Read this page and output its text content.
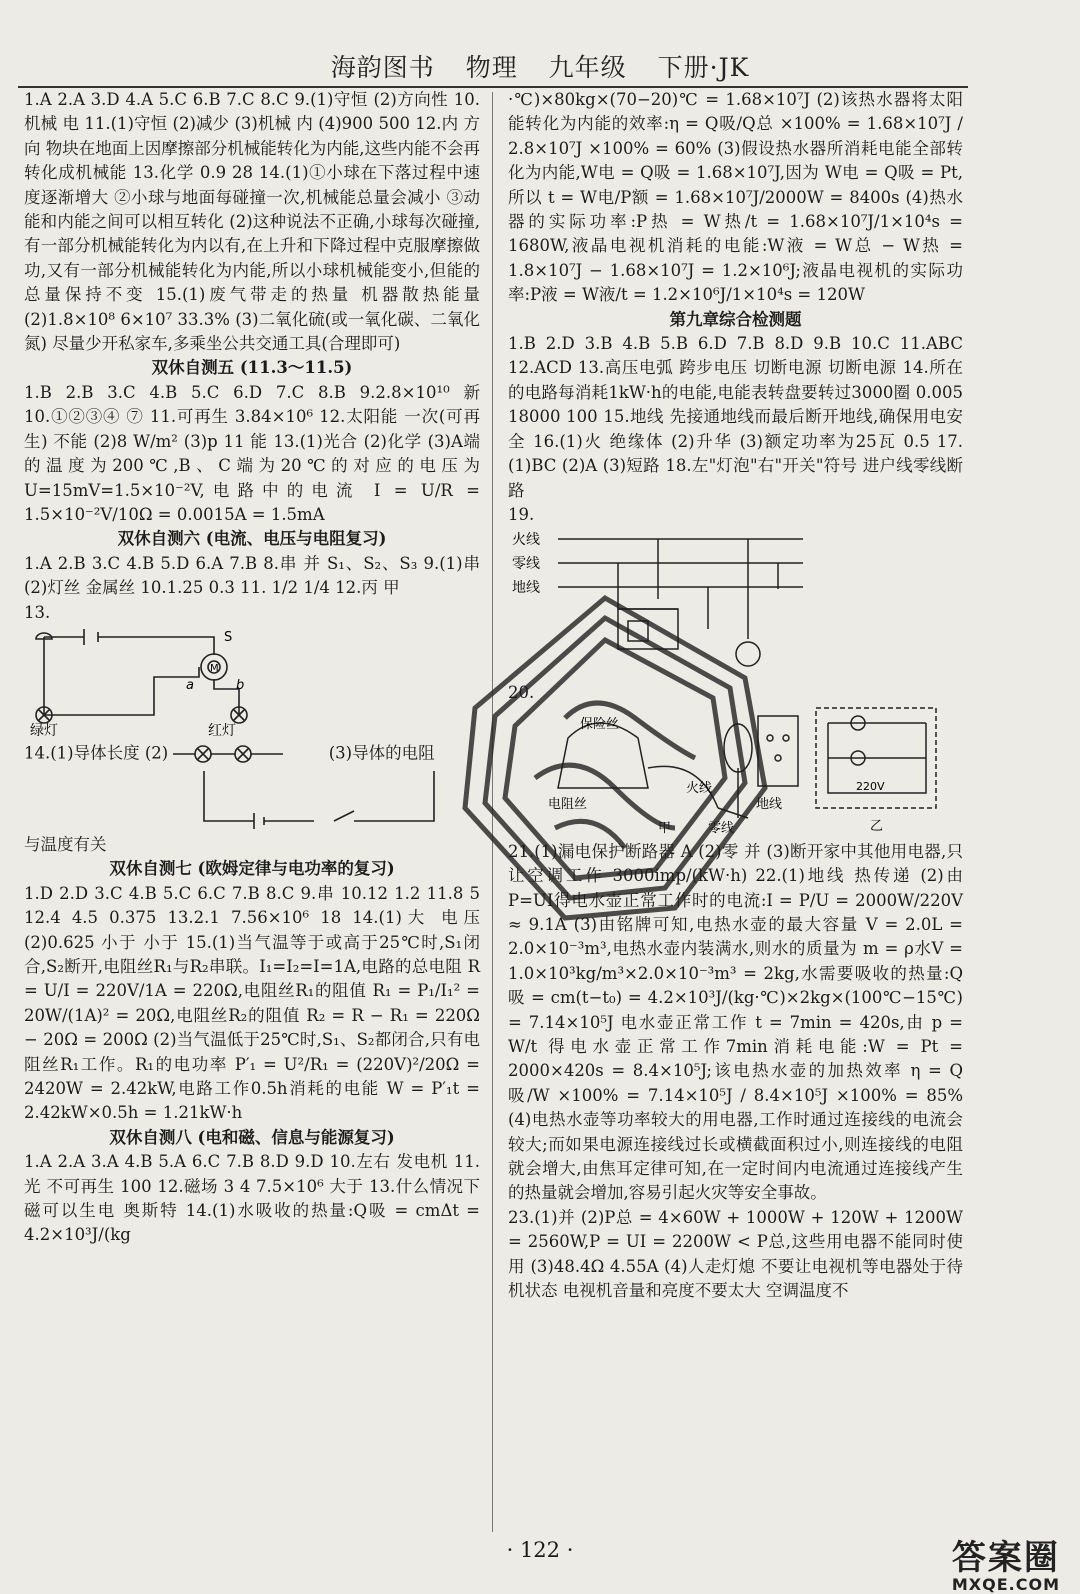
海韵图书 物理 九年级 下册·JK

1.A 2.A 3.D 4.A 5.C 6.B 7.C 8.C 9.(1)守恒 (2)方向性 10.机械 电 11.(1)守恒 (2)减少 (3)机械 内 (4)900 500 12.内 方向 物块在地面上因摩擦部分机械能转化为内能,这些内能不会再转化成机械能 13.化学 0.9 28 14.(1)①小球在下落过程中速度逐渐增大 ②小球与地面每碰撞一次,机械能总量会减小 ③动能和内能之间可以相互转化 (2)这种说法不正确,小球每次碰撞,有一部分机械能转化为内以有,在上升和下降过程中克服摩擦做功,又有一部分机械能转化为内能,所以小球机械能变小,但能的总量保持不变 15.(1)废气带走的热量 机器散热能量 (2)1.8×10⁸ 6×10⁷ 33.3% (3)二氧化硫(或一氧化碳、二氧化氮) 尽量少开私家车,多乘坐公共交通工具(合理即可)

双休自测五 (11.3～11.5)

1.B 2.B 3.C 4.B 5.C 6.D 7.C 8.B 9.2.8×10¹⁰ 新 10.①②③④ ⑦ 11.可再生 3.84×10⁶ 12.太阳能 一次(可再生) 不能 (2)8 W/m² (3)p 11 能 13.(1)光合 (2)化学 (3)A端的温度为200℃,B、C端为20℃的对应的电压为U=15mV=1.5×10⁻²V,电路中的电流 I = U/R = 1.5×10⁻²V/10Ω = 0.0015A = 1.5mA

双休自测六 (电流、电压与电阻复习)

1.A 2.B 3.C 4.B 5.D 6.A 7.B 8.串 并 S₁、S₂、S₃ 9.(1)串 (2)灯丝 金属丝 10.1.25 0.3 11. 1/2 1/4 12.丙 甲

13.

S
M
a	b
绿灯	红灯

14.(1)导体长度 (2)	(3)导体的电阻

与温度有关

双休自测七 (欧姆定律与电功率的复习)

1.D 2.D 3.C 4.B 5.C 6.C 7.B 8.C 9.串 10.12 1.2 11.8 5 12.4 4.5 0.375 13.2.1 7.56×10⁶ 18 14.(1)大 电压 (2)0.625 小于 小于 15.(1)当气温等于或高于25℃时,S₁闭合,S₂断开,电阻丝R₁与R₂串联。I₁=I₂=I=1A,电路的总电阻 R = U/I = 220V/1A = 220Ω,电阻丝R₁的阻值 R₁ = P₁/I₁² = 20W/(1A)² = 20Ω,电阻丝R₂的阻值 R₂ = R − R₁ = 220Ω − 20Ω = 200Ω (2)当气温低于25℃时,S₁、S₂都闭合,只有电阻丝R₁工作。R₁的电功率 P′₁ = U²/R₁ = (220V)²/20Ω = 2420W = 2.42kW,电路工作0.5h消耗的电能 W = P′₁t = 2.42kW×0.5h = 1.21kW·h

双休自测八 (电和磁、信息与能源复习)

1.A 2.A 3.A 4.B 5.A 6.C 7.B 8.D 9.D 10.左右 发电机 11.光 不可再生 100 12.磁场 3 4 7.5×10⁶ 大于 13.什么情况下磁可以生电 奥斯特 14.(1)水吸收的热量:Q吸 = cmΔt = 4.2×10³J/(kg

·℃)×80kg×(70−20)℃ = 1.68×10⁷J (2)该热水器将太阳能转化为内能的效率:η = Q吸/Q总 ×100% = 1.68×10⁷J / 2.8×10⁷J ×100% = 60% (3)假设热水器所消耗电能全部转化为内能,W电 = Q吸 = 1.68×10⁷J,因为 W电 = Q吸 = Pt,所以 t = W电/P额 = 1.68×10⁷J/2000W = 8400s (4)热水器的实际功率:P热 = W热/t = 1.68×10⁷J/1×10⁴s = 1680W,液晶电视机消耗的电能:W液 = W总 − W热 = 1.8×10⁷J − 1.68×10⁷J = 1.2×10⁶J;液晶电视机的实际功率:P液 = W液/t = 1.2×10⁶J/1×10⁴s = 120W

第九章综合检测题

1.B 2.D 3.B 4.B 5.B 6.D 7.B 8.D 9.B 10.C 11.ABC 12.ACD 13.高压电弧 跨步电压 切断电源 切断电源 14.所在的电路每消耗1kW·h的电能,电能表转盘要转过3000圈 0.005 18000 100 15.地线 先接通地线而最后断开地线,确保用电安全 16.(1)火 绝缘体 (2)升华 (3)额定功率为25瓦 0.5 17.(1)BC (2)A (3)短路 18.左"灯泡"右"开关"符号 进户线零线断路

19.

火线
零线
地线

20.

保险丝
电阻丝
火线
地线
零线
甲
220V
乙

21.(1)漏电保护断路器 A (2)零 并 (3)断开家中其他用电器,只让空调工作 3000imp/(kW·h) 22.(1)地线 热传递 (2)由P=UI得电水壶正常工作时的电流:I = P/U = 2000W/220V ≈ 9.1A (3)由铭牌可知,电热水壶的最大容量 V = 2.0L = 2.0×10⁻³m³,电热水壶内装满水,则水的质量为 m = ρ水V = 1.0×10³kg/m³×2.0×10⁻³m³ = 2kg,水需要吸收的热量:Q吸 = cm(t−t₀) = 4.2×10³J/(kg·℃)×2kg×(100℃−15℃) = 7.14×10⁵J 电水壶正常工作 t = 7min = 420s,由 p = W/t 得电水壶正常工作7min消耗电能:W = Pt = 2000×420s = 8.4×10⁵J;该电热水壶的加热效率 η = Q吸/W ×100% = 7.14×10⁵J / 8.4×10⁵J ×100% = 85% (4)电热水壶等功率较大的用电器,工作时通过连接线的电流会较大;而如果电源连接线过长或横截面积过小,则连接线的电阻就会增大,由焦耳定律可知,在一定时间内电流通过连接线产生的热量就会增加,容易引起火灾等安全事故。

23.(1)并 (2)P总 = 4×60W + 1000W + 120W + 1200W = 2560W,P = UI = 2200W < P总,这些用电器不能同时使用 (3)48.4Ω 4.55A (4)人走灯熄 不要让电视机等电器处于待机状态 电视机音量和亮度不要太大 空调温度不

· 122 ·	答案圈
MXQE.COM
